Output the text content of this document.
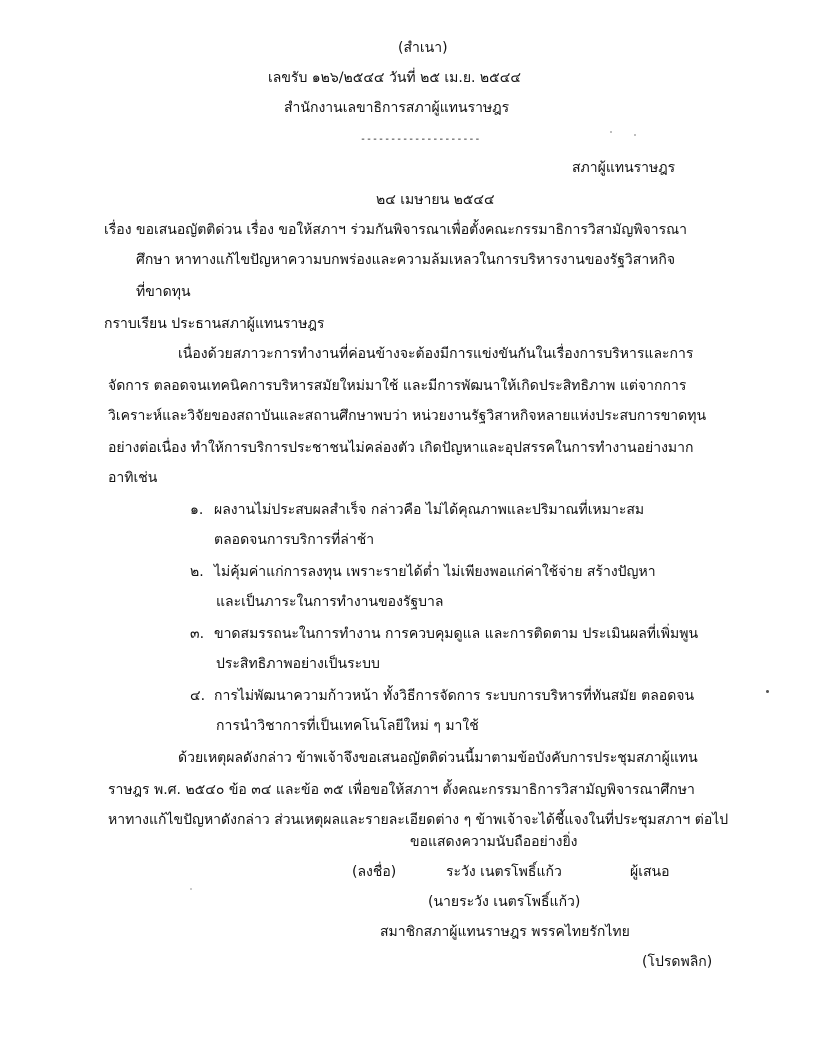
(สำเนา)
เลขรับ ๑๒๖/๒๕๔๔ วันที่ ๒๕ เม.ย. ๒๕๔๔
สำนักงานเลขาธิการสภาผู้แทนราษฎร
--------------------
สภาผู้แทนราษฎร
๒๔ เมษายน ๒๕๔๔
เรื่อง ขอเสนอญัตติด่วน เรื่อง ขอให้สภาฯ ร่วมกันพิจารณาเพื่อตั้งคณะกรรมาธิการวิสามัญพิจารณา
ศึกษา หาทางแก้ไขปัญหาความบกพร่องและความล้มเหลวในการบริหารงานของรัฐวิสาหกิจ
ที่ขาดทุน
กราบเรียน ประธานสภาผู้แทนราษฎร
เนื่องด้วยสภาวะการทำงานที่ค่อนข้างจะต้องมีการแข่งขันกันในเรื่องการบริหารและการ
จัดการ ตลอดจนเทคนิคการบริหารสมัยใหม่มาใช้ และมีการพัฒนาให้เกิดประสิทธิภาพ แต่จากการ
วิเคราะห์และวิจัยของสถาบันและสถานศึกษาพบว่า หน่วยงานรัฐวิสาหกิจหลายแห่งประสบการขาดทุน
อย่างต่อเนื่อง ทำให้การบริการประชาชนไม่คล่องตัว เกิดปัญหาและอุปสรรคในการทำงานอย่างมาก
อาทิเช่น
๑. ผลงานไม่ประสบผลสำเร็จ กล่าวคือ ไม่ได้คุณภาพและปริมาณที่เหมาะสม
ตลอดจนการบริการที่ล่าช้า
๒. ไม่คุ้มค่าแก่การลงทุน เพราะรายได้ต่ำ ไม่เพียงพอแก่ค่าใช้จ่าย สร้างปัญหา
และเป็นภาระในการทำงานของรัฐบาล
๓. ขาดสมรรถนะในการทำงาน การควบคุมดูแล และการติดตาม ประเมินผลที่เพิ่มพูน
ประสิทธิภาพอย่างเป็นระบบ
๔. การไม่พัฒนาความก้าวหน้า ทั้งวิธีการจัดการ ระบบการบริหารที่ทันสมัย ตลอดจน
การนำวิชาการที่เป็นเทคโนโลยีใหม่ ๆ มาใช้
ด้วยเหตุผลดังกล่าว ข้าพเจ้าจึงขอเสนอญัตติด่วนนี้มาตามข้อบังคับการประชุมสภาผู้แทน
ราษฎร พ.ศ. ๒๕๔๐ ข้อ ๓๔ และข้อ ๓๕ เพื่อขอให้สภาฯ ตั้งคณะกรรมาธิการวิสามัญพิจารณาศึกษา
หาทางแก้ไขปัญหาดังกล่าว ส่วนเหตุผลและรายละเอียดต่าง ๆ ข้าพเจ้าจะได้ชี้แจงในที่ประชุมสภาฯ ต่อไป
ขอแสดงความนับถืออย่างยิ่ง
(ลงชื่อ)	ระวัง เนตรโพธิ์แก้ว	ผู้เสนอ
(นายระวัง เนตรโพธิ์แก้ว)
สมาชิกสภาผู้แทนราษฎร พรรคไทยรักไทย
(โปรดพลิก)
